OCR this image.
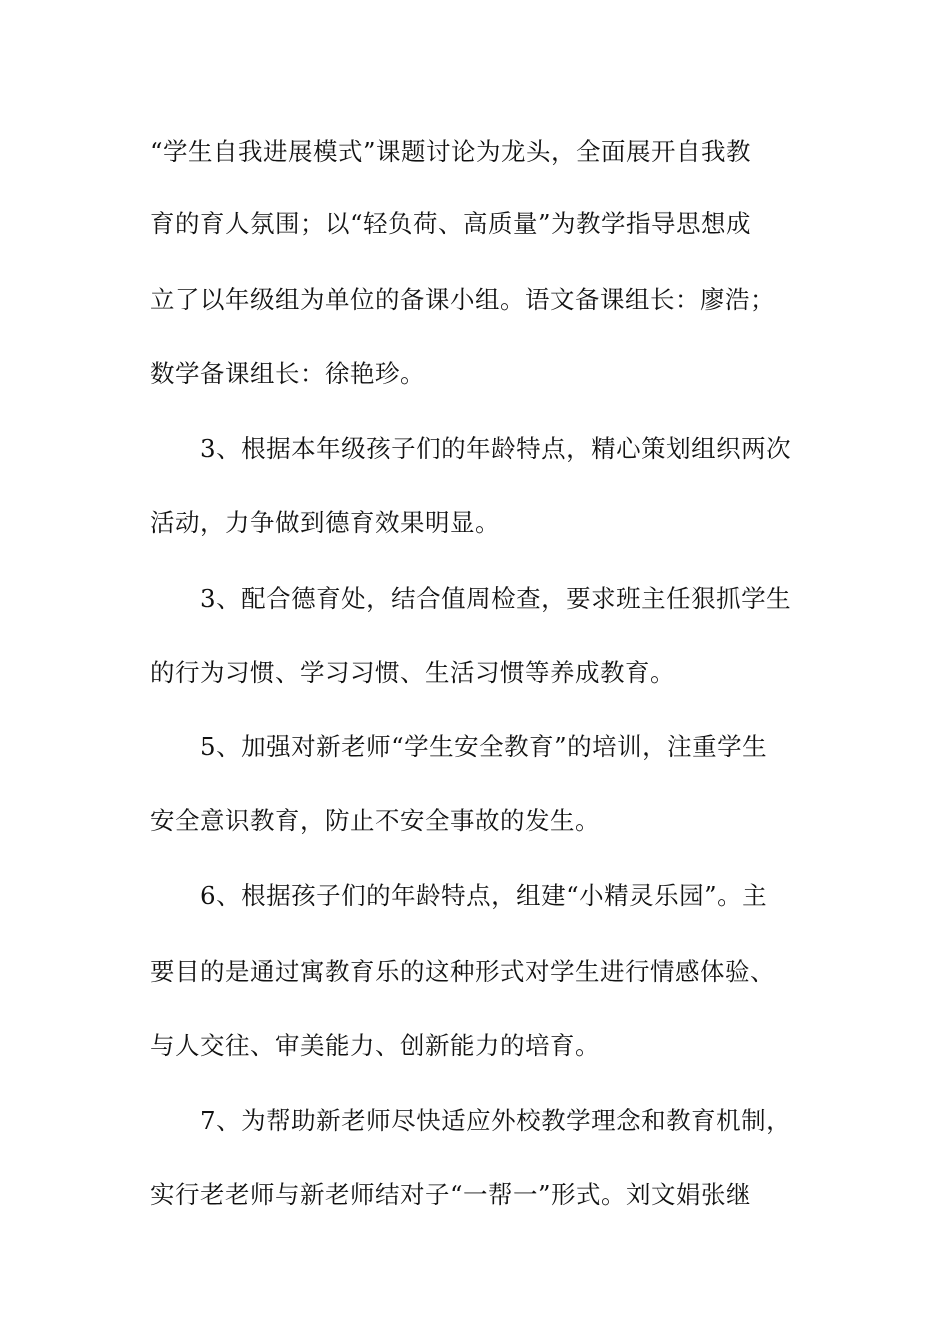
“学生自我进展模式”课题讨论为龙头，全面展开自我教
育的育人氛围；以“轻负荷、高质量”为教学指导思想成
立了以年级组为单位的备课小组。语文备课组长：廖浩；
数学备课组长：徐艳珍。
3、根据本年级孩子们的年龄特点，精心策划组织两次
活动，力争做到德育效果明显。
3、配合德育处，结合值周检查，要求班主任狠抓学生
的行为习惯、学习习惯、生活习惯等养成教育。
5、加强对新老师“学生安全教育”的培训，注重学生
安全意识教育，防止不安全事故的发生。
6、根据孩子们的年龄特点，组建“小精灵乐园”。主
要目的是通过寓教育乐的这种形式对学生进行情感体验、
与人交往、审美能力、创新能力的培育。
7、为帮助新老师尽快适应外校教学理念和教育机制，
实行老老师与新老师结对子“一帮一”形式。刘文娟张继
